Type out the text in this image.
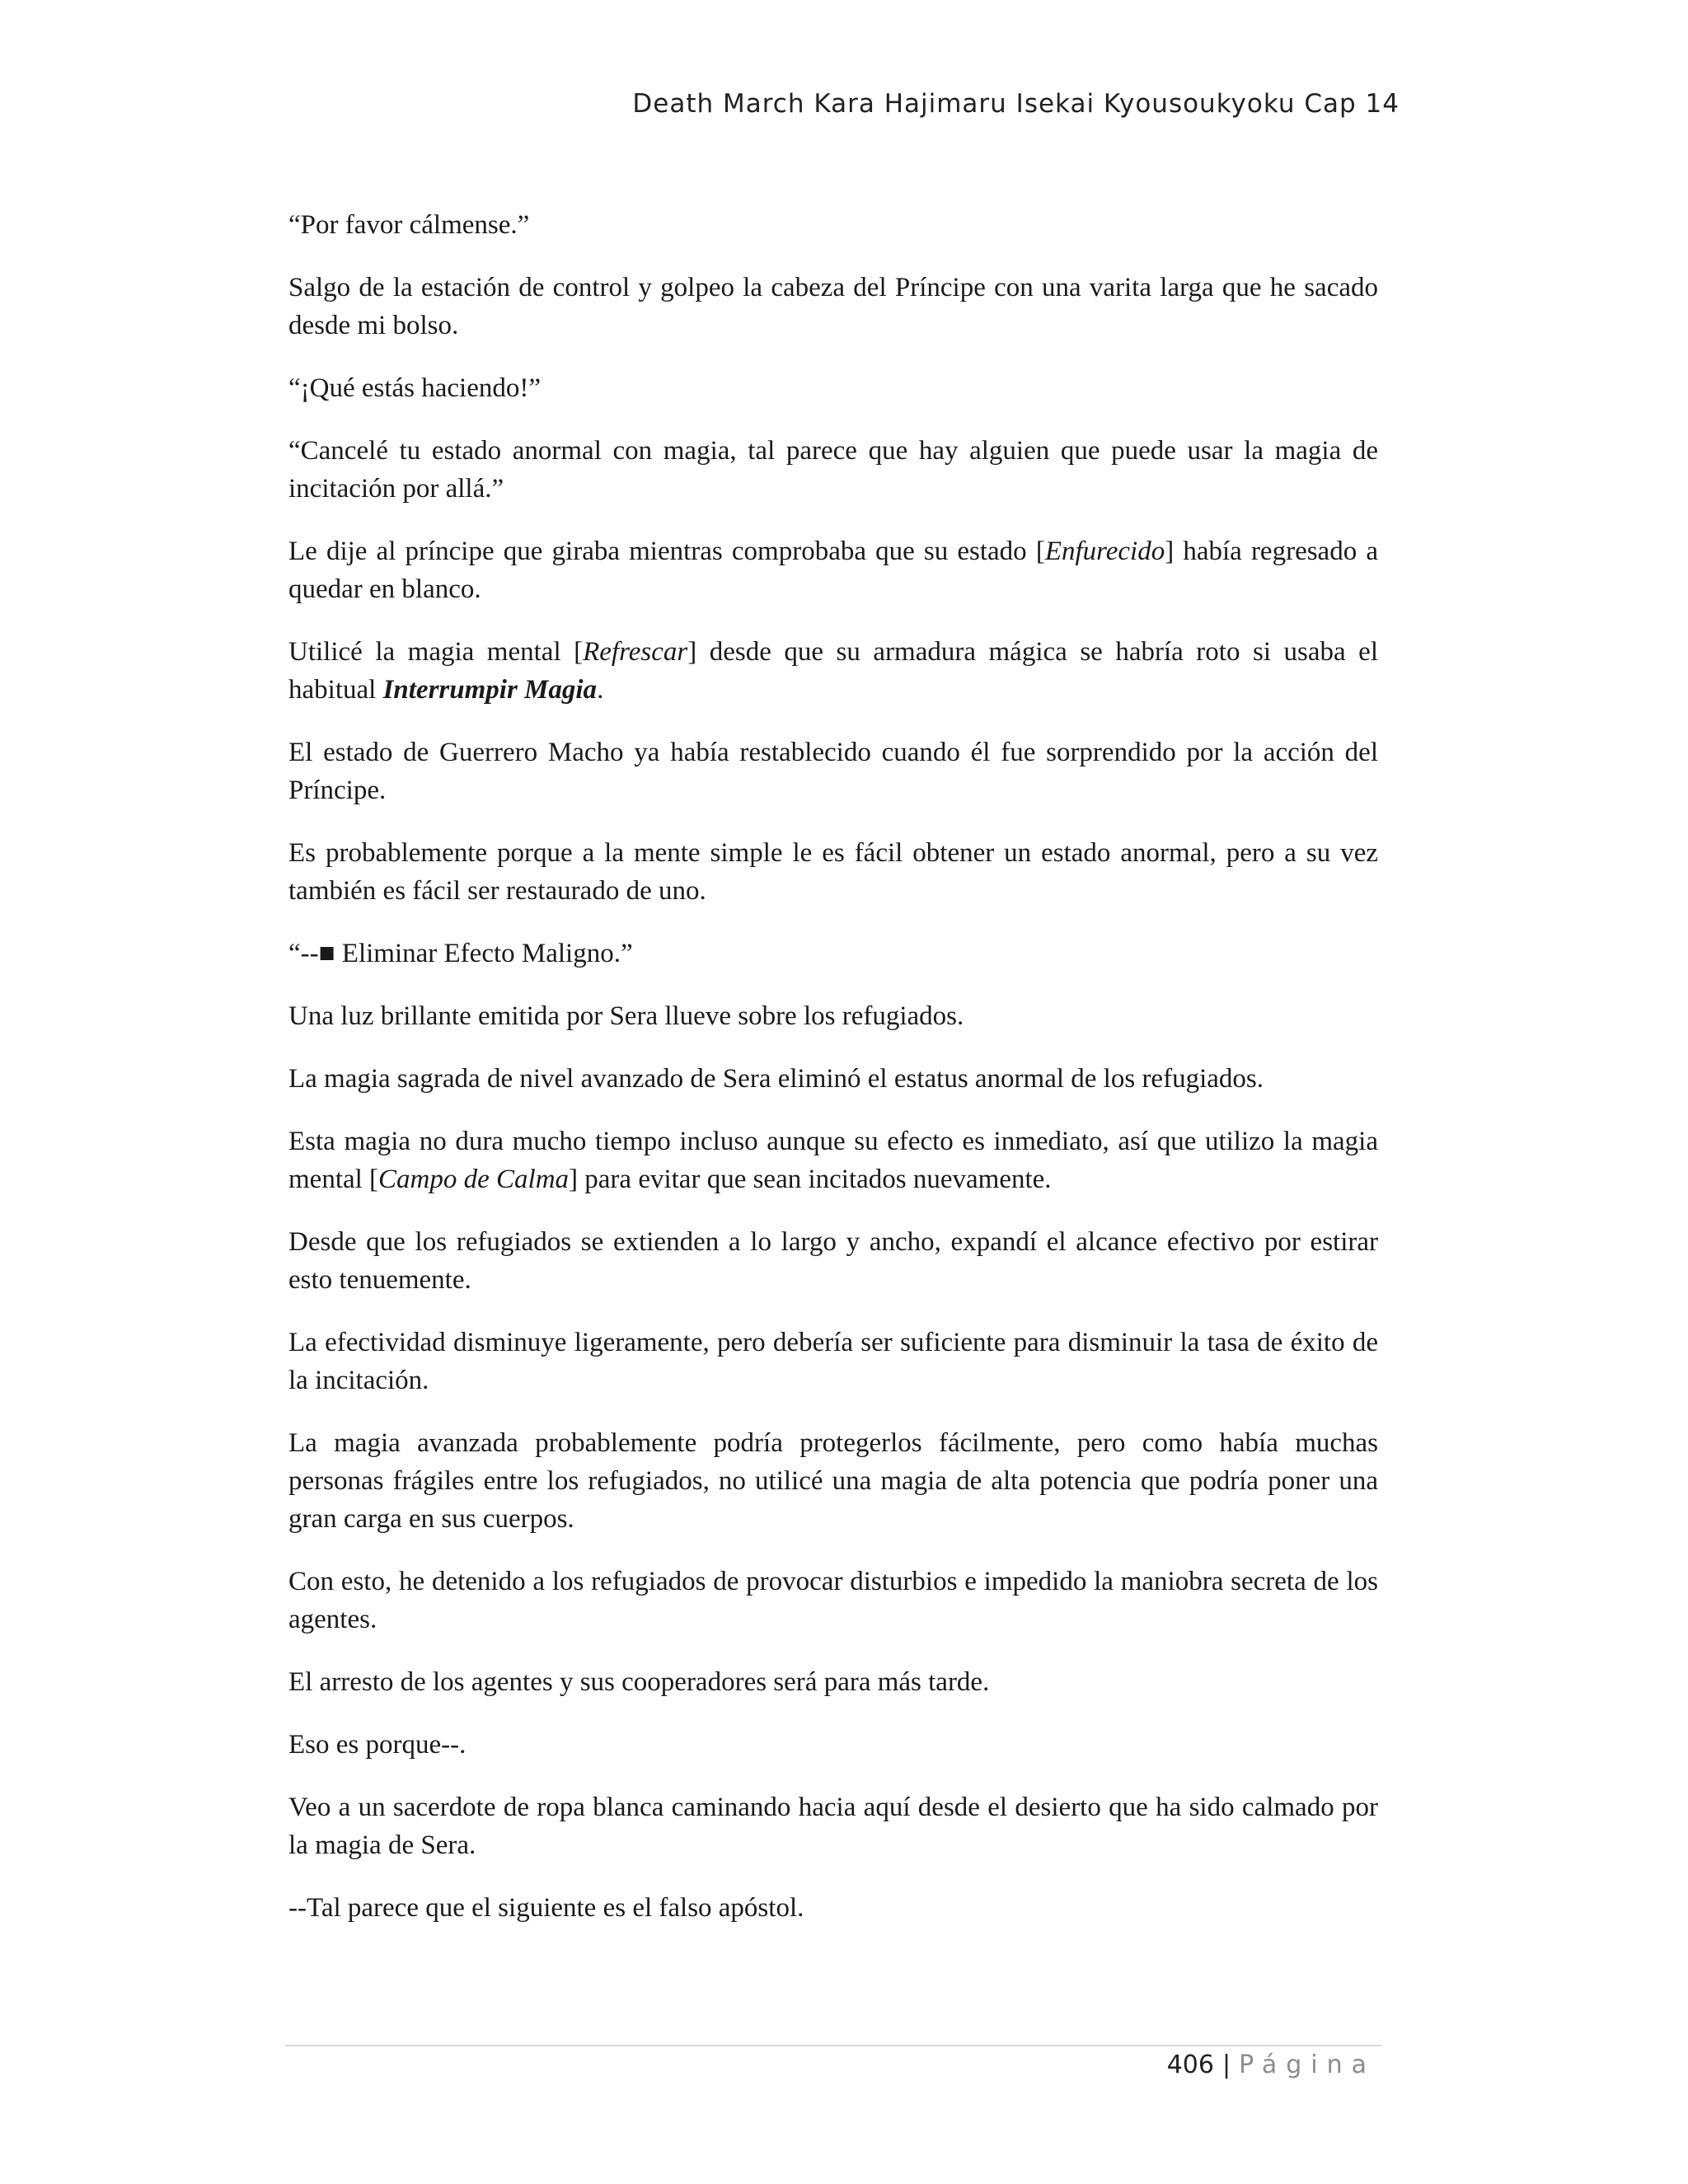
Death March Kara Hajimaru Isekai Kyousoukyoku Cap 14

“Por favor cálmense.”

Salgo de la estación de control y golpeo la cabeza del Príncipe con una varita larga que he sacado desde mi bolso.

“¡Qué estás haciendo!”

“Cancelé tu estado anormal con magia, tal parece que hay alguien que puede usar la magia de incitación por allá.”

Le dije al príncipe que giraba mientras comprobaba que su estado [Enfurecido] había regresado a quedar en blanco.

Utilicé la magia mental [Refrescar] desde que su armadura mágica se habría roto si usaba el habitual Interrumpir Magia.

El estado de Guerrero Macho ya había restablecido cuando él fue sorprendido por la acción del Príncipe.

Es probablemente porque a la mente simple le es fácil obtener un estado anormal, pero a su vez también es fácil ser restaurado de uno.

“--■ Eliminar Efecto Maligno.”

Una luz brillante emitida por Sera llueve sobre los refugiados.

La magia sagrada de nivel avanzado de Sera eliminó el estatus anormal de los refugiados.

Esta magia no dura mucho tiempo incluso aunque su efecto es inmediato, así que utilizo la magia mental [Campo de Calma] para evitar que sean incitados nuevamente.

Desde que los refugiados se extienden a lo largo y ancho, expandí el alcance efectivo por estirar esto tenuemente.

La efectividad disminuye ligeramente, pero debería ser suficiente para disminuir la tasa de éxito de la incitación.

La magia avanzada probablemente podría protegerlos fácilmente, pero como había muchas personas frágiles entre los refugiados, no utilicé una magia de alta potencia que podría poner una gran carga en sus cuerpos.

Con esto, he detenido a los refugiados de provocar disturbios e impedido la maniobra secreta de los agentes.

El arresto de los agentes y sus cooperadores será para más tarde.

Eso es porque--.

Veo a un sacerdote de ropa blanca caminando hacia aquí desde el desierto que ha sido calmado por la magia de Sera.

--Tal parece que el siguiente es el falso apóstol.

406 | Página
